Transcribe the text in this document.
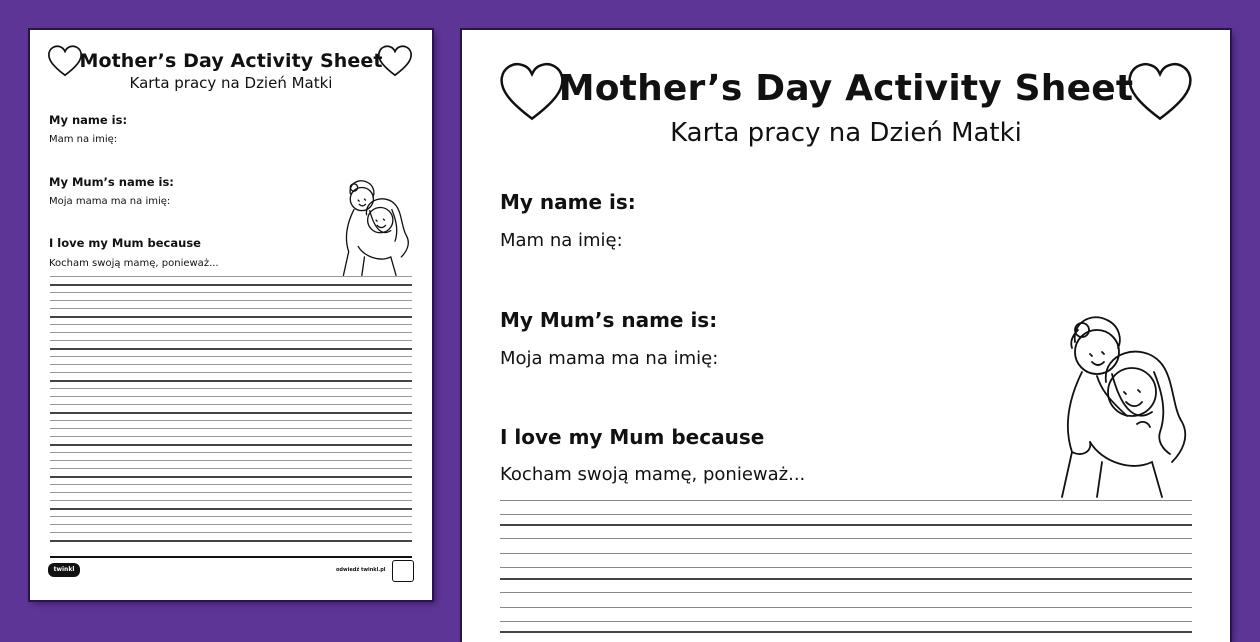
Mother’s Day Activity Sheet
Karta pracy na Dzień Matki
My name is:
Mam na imię:
My Mum’s name is:
Moja mama ma na imię:
I love my Mum because
Kocham swoją mamę, ponieważ...
twinkl	odwiedź twinkl.pl
Mother’s Day Activity Sheet
Karta pracy na Dzień Matki
My name is:
Mam na imię:
My Mum’s name is:
Moja mama ma na imię:
I love my Mum because
Kocham swoją mamę, ponieważ...
